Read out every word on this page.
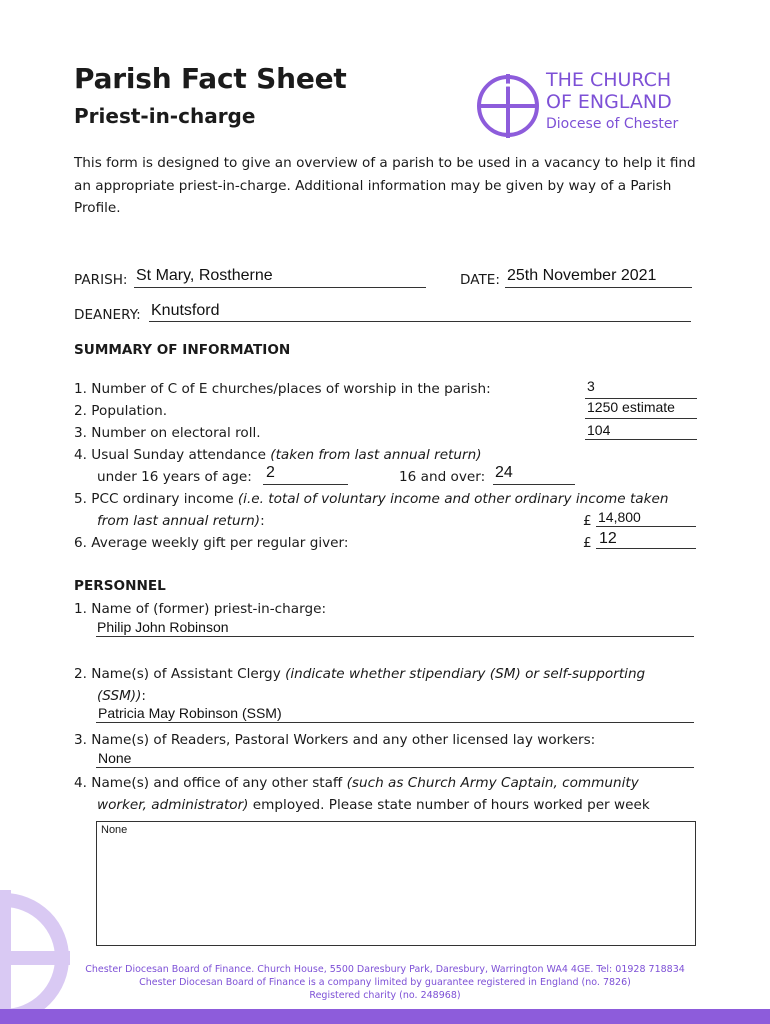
Parish Fact Sheet
Priest-in-charge
THE CHURCH
OF ENGLAND
Diocese of Chester
This form is designed to give an overview of a parish to be used in a vacancy to help it find an appropriate priest-in-charge. Additional information may be given by way of a Parish Profile.
PARISH: St Mary, Rostherne	DATE: 25th November 2021
DEANERY: Knutsford
SUMMARY OF INFORMATION
1. Number of C of E churches/places of worship in the parish:	3
2. Population.	1250 estimate
3. Number on electoral roll.	104
4. Usual Sunday attendance (taken from last annual return)
under 16 years of age: 2	16 and over: 24
5. PCC ordinary income (i.e. total of voluntary income and other ordinary income taken
from last annual return):	£ 14,800
6. Average weekly gift per regular giver:	£ 12
PERSONNEL
1. Name of (former) priest-in-charge:
Philip John Robinson
2. Name(s) of Assistant Clergy (indicate whether stipendiary (SM) or self-supporting
(SSM)):
Patricia May Robinson (SSM)
3. Name(s) of Readers, Pastoral Workers and any other licensed lay workers:
None
4. Name(s) and office of any other staff (such as Church Army Captain, community
worker, administrator) employed. Please state number of hours worked per week
None
Chester Diocesan Board of Finance. Church House, 5500 Daresbury Park, Daresbury, Warrington WA4 4GE. Tel: 01928 718834
Chester Diocesan Board of Finance is a company limited by guarantee registered in England (no. 7826)
Registered charity (no. 248968)
